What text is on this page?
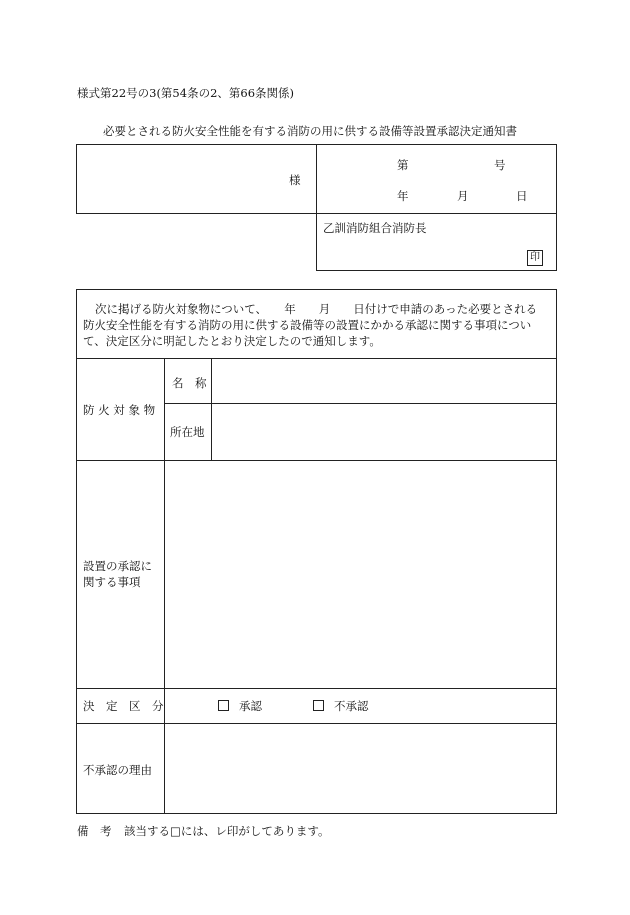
様式第22号の3(第54条の2、第66条関係)
必要とされる防火安全性能を有する消防の用に供する設備等設置承認決定通知書
様
第	号
年	月	日
乙訓消防組合消防長
印
次に掲げる防火対象物について、　　年　　月　　日付けで申請のあった必要とされる
防火安全性能を有する消防の用に供する設備等の設置にかかる承認に関する事項につい
て、決定区分に明記したとおり決定したので通知します。
防 火 対 象 物
名　称
所在地
設置の承認に
関する事項
決　定　区　分	承認	不承認
不承認の理由
備　考 該当する□には、レ印がしてあります。
